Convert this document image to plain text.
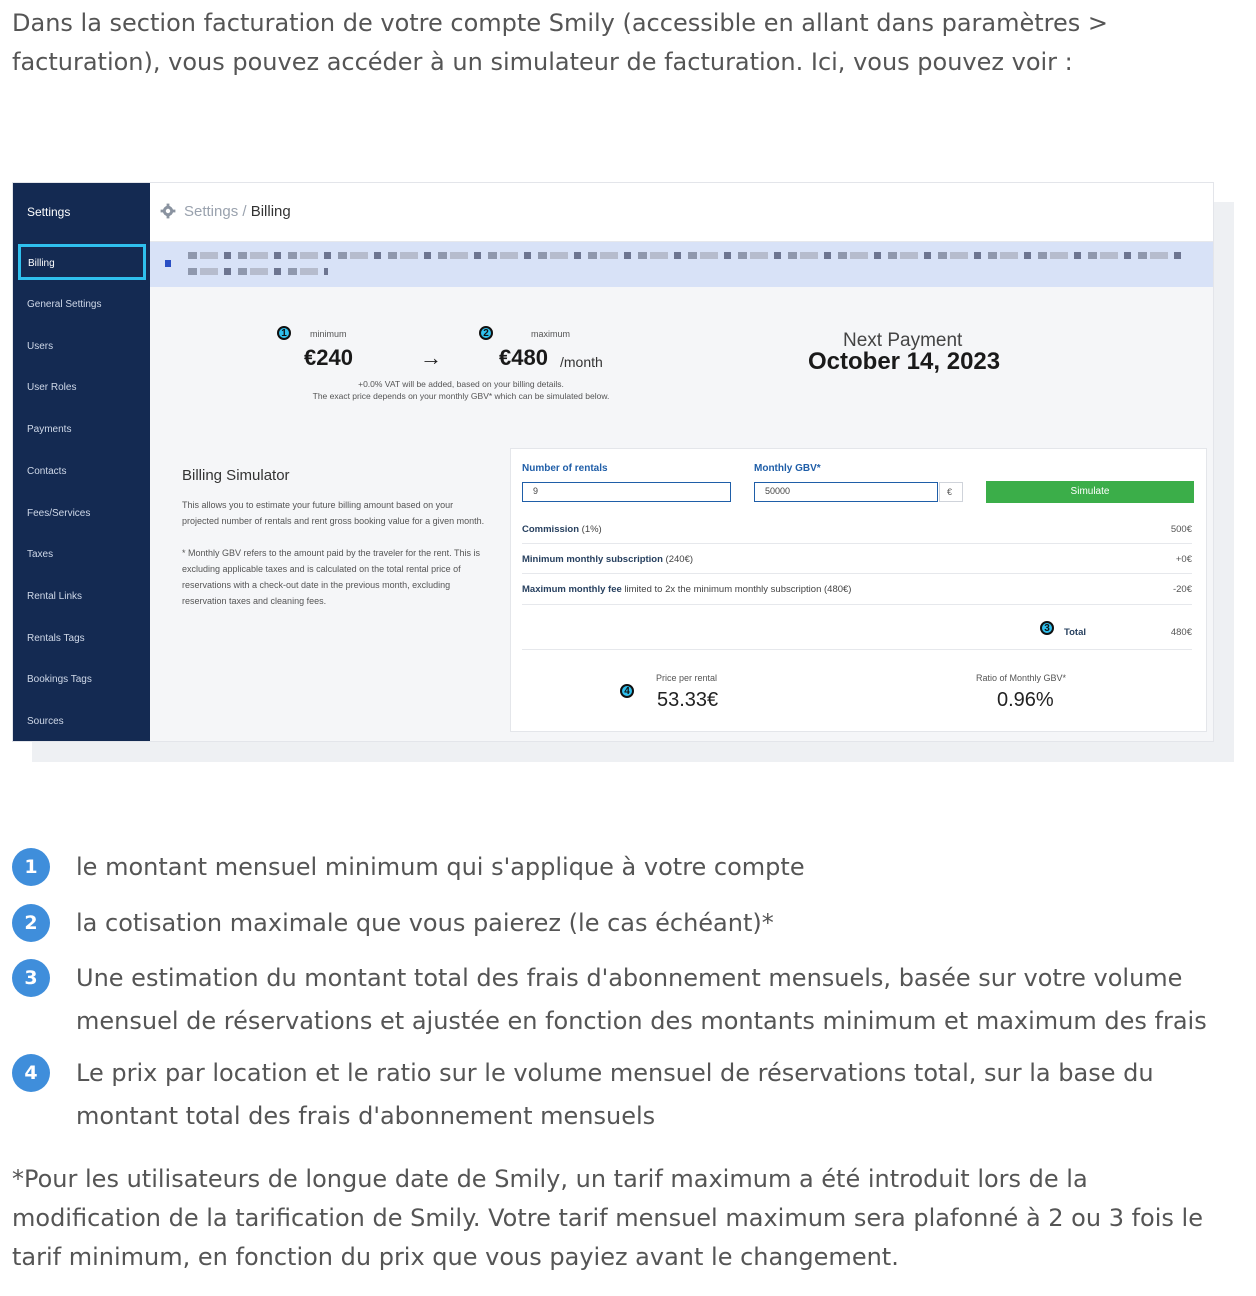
Dans la section facturation de votre compte Smily (accessible en allant dans paramètres > facturation), vous pouvez accéder à un simulateur de facturation. Ici, vous pouvez voir :

Settings
Billing
General Settings
Users
User Roles
Payments
Contacts
Fees/Services
Taxes
Rental Links
Rentals Tags
Bookings Tags
Sources
Settings / Billing
1	minimum
€240	→
2	maximum
€480 /month
+0.0% VAT will be added, based on your billing details.
The exact price depends on your monthly GBV* which can be simulated below.
Next Payment
October 14, 2023
Billing Simulator
This allows you to estimate your future billing amount based on your projected number of rentals and rent gross booking value for a given month.
* Monthly GBV refers to the amount paid by the traveler for the rent. This is excluding applicable taxes and is calculated on the total rental price of reservations with a check-out date in the previous month, excluding reservation taxes and cleaning fees.
Number of rentals
9
Monthly GBV*
50000	€	Simulate
Commission (1%)	500€
Minimum monthly subscription (240€)	+0€
Maximum monthly fee limited to 2x the minimum monthly subscription (480€)	-20€
3	Total	480€
4
Price per rental
53.33€
Ratio of Monthly GBV*
0.96%
1	le montant mensuel minimum qui s'applique à votre compte
2	la cotisation maximale que vous paierez (le cas échéant)*
3	Une estimation du montant total des frais d'abonnement mensuels, basée sur votre volume mensuel de réservations et ajustée en fonction des montants minimum et maximum des frais
4	Le prix par location et le ratio sur le volume mensuel de réservations total, sur la base du montant total des frais d'abonnement mensuels

*Pour les utilisateurs de longue date de Smily, un tarif maximum a été introduit lors de la modification de la tarification de Smily. Votre tarif mensuel maximum sera plafonné à 2 ou 3 fois le tarif minimum, en fonction du prix que vous payiez avant le changement.
